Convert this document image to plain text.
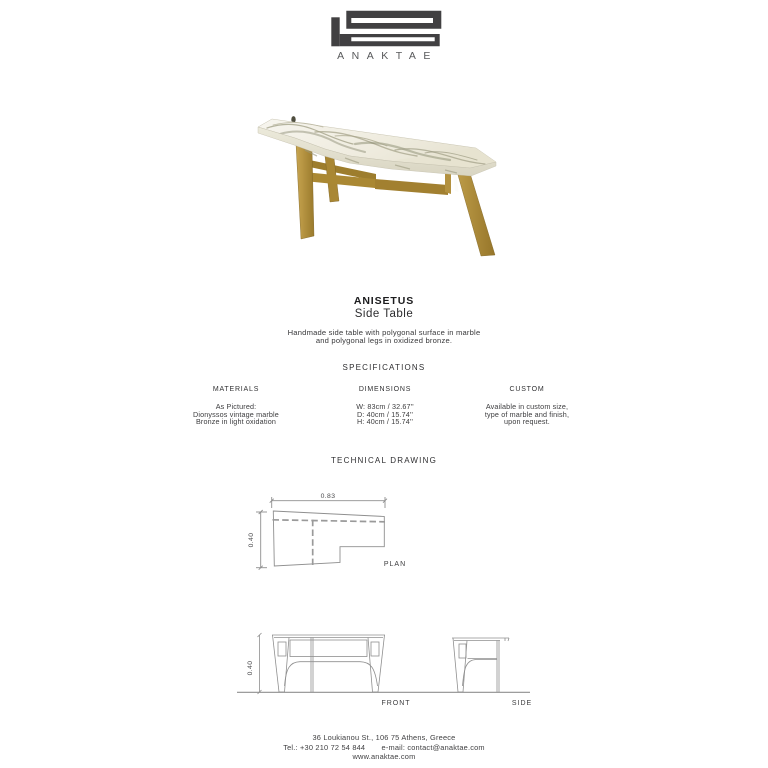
ANAKTAE
ANISETUS
Side Table
Handmade side table with polygonal surface in marble
and polygonal legs in oxidized bronze.
SPECIFICATIONS
MATERIALS
As Pictured:
Dionyssos vintage marble
Bronze in light oxidation
DIMENSIONS
W: 83cm / 32.67''
D: 40cm / 15.74''
H: 40cm / 15.74''
CUSTOM
Available in custom size,
type of marble and finish,
upon request.
TECHNICAL DRAWING
0.83
0.40
PLAN
0.40
FRONT	SIDE
36 Loukianou St., 106 75 Athens, Greece
Tel.: +30 210 72 54 844 e-mail: contact@anaktae.com
www.anaktae.com
